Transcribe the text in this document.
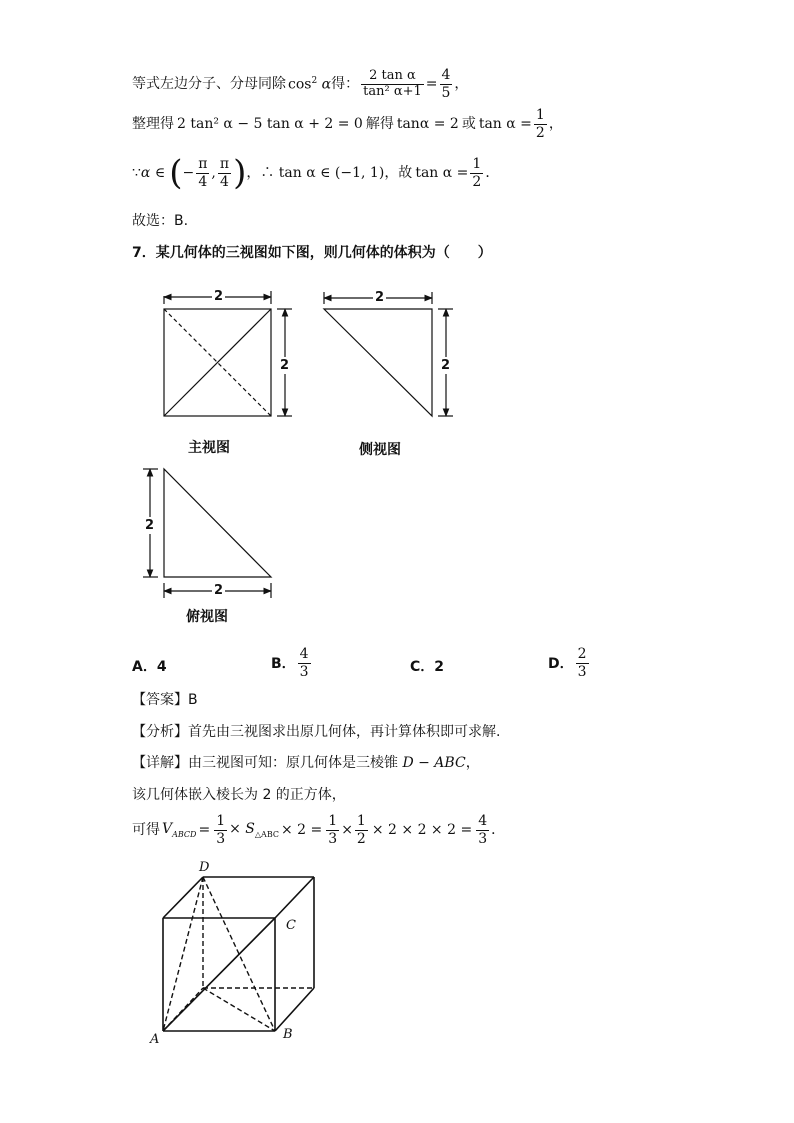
等式左边分子、分母同除 $\cos^2 \alpha$ 得： $\frac{\text{2 tan α}}{\text{tan² α+1}} = \frac{4}{5}$ ，
整理得 2 tan² α − 5 tan α + 2 = 0 解得 tanα = 2 或 $\tan \alpha = \frac{1}{2}$ ，
∵ α ∈ ( − $\frac{\pi}{4}$ , $\frac{\pi}{4}$ ) ，∴ tan α ∈ (−1, 1) ，故 $\tan \alpha = \frac{1}{2}$ ．
故选：B.
7．某几何体的三视图如下图，则几何体的体积为（　　）
2
2
2
2
2
2
主视图	侧视图
俯视图
A．4	B． $\frac{4}{3}$	C．2	D． $\frac{2}{3}$
【答案】B
【分析】首先由三视图求出原几何体，再计算体积即可求解.
【详解】由三视图可知：原几何体是三棱锥 D − ABC，
该几何体嵌入棱长为 2 的正方体，
可得 $V_{ABCD} = \frac{1}{3} \times S_{\triangle ABC} \times 2 = \frac{1}{3} \times \frac{1}{2} \times 2 \times 2 \times 2 = \frac{4}{3}$ ．
D
C
A	B
